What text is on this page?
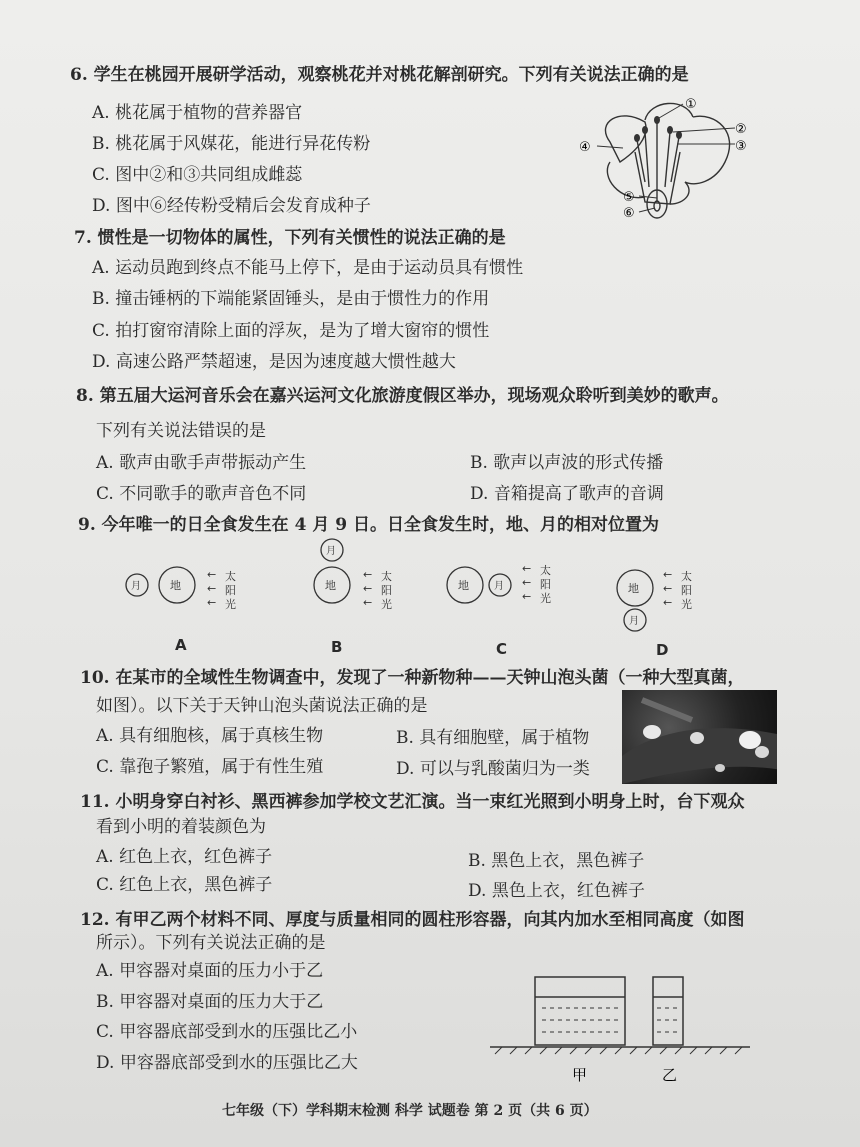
6. 学生在桃园开展研学活动，观察桃花并对桃花解剖研究。下列有关说法正确的是
A. 桃花属于植物的营养器官
B. 桃花属于风媒花，能进行异花传粉
C. 图中②和③共同组成雌蕊
D. 图中⑥经传粉受精后会发育成种子
①
②
③
④
⑤
⑥
7. 惯性是一切物体的属性，下列有关惯性的说法正确的是
A. 运动员跑到终点不能马上停下，是由于运动员具有惯性
B. 撞击锤柄的下端能紧固锤头，是由于惯性力的作用
C. 拍打窗帘清除上面的浮灰，是为了增大窗帘的惯性
D. 高速公路严禁超速，是因为速度越大惯性越大
8. 第五届大运河音乐会在嘉兴运河文化旅游度假区举办，现场观众聆听到美妙的歌声。
下列有关说法错误的是
A. 歌声由歌手声带振动产生	B. 歌声以声波的形式传播
C. 不同歌手的歌声音色不同	D. 音箱提高了歌声的音调
9. 今年唯一的日全食发生在 4 月 9 日。日全食发生时，地、月的相对位置为
月	地
太
阳
光
←
←
←
月
地
太
阳
光
←
←
←
地	月
太
阳
光
←
←
←
地
月
太
阳
光
←
←
←
A	B	C	D
10. 在某市的全域性生物调查中，发现了一种新物种——天钟山泡头菌（一种大型真菌，
如图）。以下关于天钟山泡头菌说法正确的是
A. 具有细胞核，属于真核生物	B. 具有细胞壁，属于植物
C. 靠孢子繁殖，属于有性生殖	D. 可以与乳酸菌归为一类
11. 小明身穿白衬衫、黑西裤参加学校文艺汇演。当一束红光照到小明身上时，台下观众
看到小明的着装颜色为
A. 红色上衣，红色裤子	B. 黑色上衣，黑色裤子
C. 红色上衣，黑色裤子	D. 黑色上衣，红色裤子
12. 有甲乙两个材料不同、厚度与质量相同的圆柱形容器，向其内加水至相同高度（如图
所示）。下列有关说法正确的是
A. 甲容器对桌面的压力小于乙
B. 甲容器对桌面的压力大于乙
C. 甲容器底部受到水的压强比乙小
D. 甲容器底部受到水的压强比乙大
甲	乙
七年级（下）学科期末检测 科学 试题卷 第 2 页（共 6 页）
